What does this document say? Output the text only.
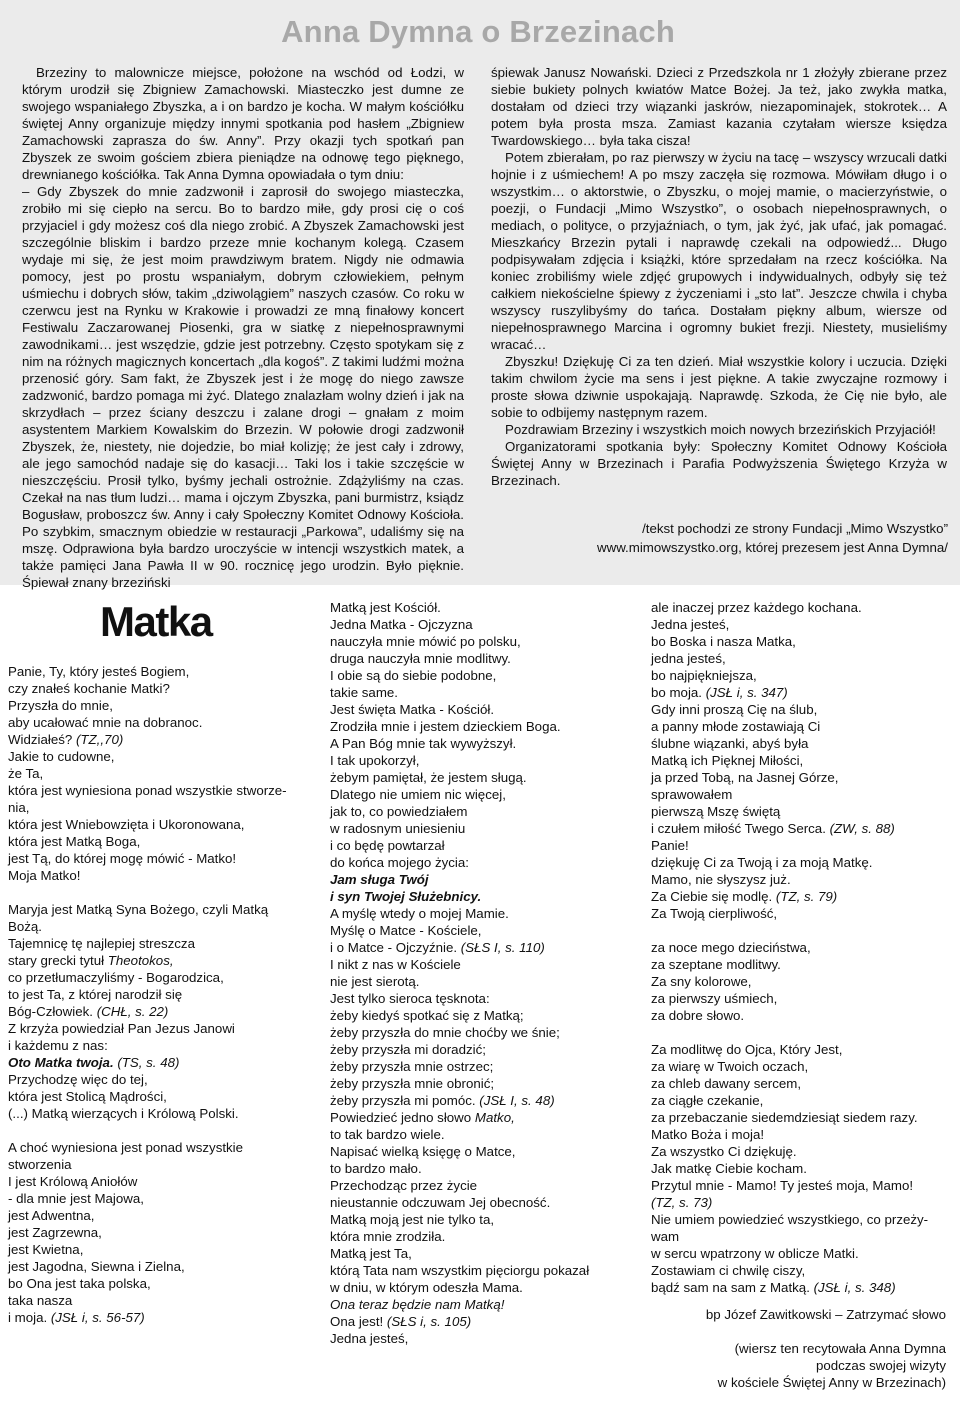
Anna Dymna o Brzezinach

Brzeziny to malownicze miejsce, położone na wschód od Łodzi, w którym urodził się Zbigniew Zamachowski. Miasteczko jest dumne ze swojego wspaniałego Zbyszka, a i on bardzo je kocha. W małym kościółku świętej Anny organizuje między innymi spotkania pod hasłem „Zbigniew Zamachowski zaprasza do św. Anny”. Przy okazji tych spotkań pan Zbyszek ze swoim gościem zbiera pieniądze na odnowę tego pięknego, drewnianego kościółka. Tak Anna Dymna opowiadała o tym dniu:

– Gdy Zbyszek do mnie zadzwonił i zaprosił do swojego miasteczka, zrobiło mi się ciepło na sercu. Bo to bardzo miłe, gdy prosi cię o coś przyjaciel i gdy możesz coś dla niego zrobić. A Zbyszek Zamachowski jest szczególnie bliskim i bardzo przeze mnie kochanym kolegą. Czasem wydaje mi się, że jest moim prawdziwym bratem. Nigdy nie odmawia pomocy, jest po prostu wspaniałym, dobrym człowiekiem, pełnym uśmiechu i dobrych słów, takim „dziwolągiem” naszych czasów. Co roku w czerwcu jest na Rynku w Krakowie i prowadzi ze mną finałowy koncert Festiwalu Zaczarowanej Piosenki, gra w siatkę z niepełnosprawnymi zawodnikami… jest wszędzie, gdzie jest potrzebny. Często spotykam się z nim na różnych magicznych koncertach „dla kogoś”. Z takimi ludźmi można przenosić góry. Sam fakt, że Zbyszek jest i że mogę do niego zawsze zadzwonić, bardzo pomaga mi żyć. Dlatego znalazłam wolny dzień i jak na skrzydłach – przez ściany deszczu i zalane drogi – gnałam z moim asystentem Markiem Kowalskim do Brzezin. W połowie drogi zadzwonił Zbyszek, że, niestety, nie dojedzie, bo miał kolizję; że jest cały i zdrowy, ale jego samochód nadaje się do kasacji… Taki los i takie szczęście w nieszczęściu. Prosił tylko, byśmy jechali ostrożnie. Zdążyliśmy na czas. Czekał na nas tłum ludzi… mama i ojczym Zbyszka, pani burmistrz, ksiądz Bogusław, proboszcz św. Anny i cały Społeczny Komitet Odnowy Kościoła. Po szybkim, smacznym obiedzie w restauracji „Parkowa”, udaliśmy się na mszę. Odprawiona była bardzo uroczyście w intencji wszystkich matek, a także pamięci Jana Pawła II w 90. rocznicę jego urodzin. Było pięknie. Śpiewał znany brzeziński

śpiewak Janusz Nowański. Dzieci z Przedszkola nr 1 złożyły zbierane przez siebie bukiety polnych kwiatów Matce Bożej. Ja też, jako zwykła matka, dostałam od dzieci trzy wiązanki jaskrów, niezapominajek, stokrotek… A potem była prosta msza. Zamiast kazania czytałam wiersze księdza Twardowskiego… była taka cisza!

Potem zbierałam, po raz pierwszy w życiu na tacę – wszyscy wrzucali datki hojnie i z uśmiechem! A po mszy zaczęła się rozmowa. Mówiłam długo i o wszystkim… o aktorstwie, o Zbyszku, o mojej mamie, o macierzyństwie, o poezji, o Fundacji „Mimo Wszystko”, o osobach niepełnosprawnych, o mediach, o polityce, o przyjaźniach, o tym, jak żyć, jak ufać, jak pomagać. Mieszkańcy Brzezin pytali i naprawdę czekali na odpowiedź... Długo podpisywałam zdjęcia i książki, które sprzedałam na rzecz kościółka. Na koniec zrobiliśmy wiele zdjęć grupowych i indywidualnych, odbyły się też całkiem niekościelne śpiewy z życzeniami i „sto lat”. Jeszcze chwila i chyba wszyscy ruszylibyśmy do tańca. Dostałam piękny album, wiersze od niepełnosprawnego Marcina i ogromny bukiet frezji. Niestety, musieliśmy wracać…

Zbyszku! Dziękuję Ci za ten dzień. Miał wszystkie kolory i uczucia. Dzięki takim chwilom życie ma sens i jest piękne. A takie zwyczajne rozmowy i proste słowa dziwnie uspokajają. Naprawdę. Szkoda, że Cię nie było, ale sobie to odbijemy następnym razem.

Pozdrawiam Brzeziny i wszystkich moich nowych brzezińskich Przyjaciół!

Organizatorami spotkania były: Społeczny Komitet Odnowy Kościoła Świętej Anny w Brzezinach i Parafia Podwyższenia Świętego Krzyża w Brzezinach.

/tekst pochodzi ze strony Fundacji „Mimo Wszystko”
www.mimowszystko.org, której prezesem jest Anna Dymna/
Matka
Panie, Ty, który jesteś Bogiem,
czy znałeś kochanie Matki?
Przyszła do mnie,
aby ucałować mnie na dobranoc.
Widziałeś? (TZ,,70)
Jakie to cudowne,
że Ta,
która jest wyniesiona ponad wszystkie stworze-
nia,
która jest Wniebowzięta i Ukoronowana,
która jest Matką Boga,
jest Tą, do której mogę mówić - Matko!
Moja Matko!
Maryja jest Matką Syna Bożego, czyli Matką
Bożą.
Tajemnicę tę najlepiej streszcza
stary grecki tytuł Theotokos,
co przetłumaczyliśmy - Bogarodzica,
to jest Ta, z której narodził się
Bóg-Człowiek. (CHŁ, s. 22)
Z krzyża powiedział Pan Jezus Janowi
i każdemu z nas:
Oto Matka twoja. (TS, s. 48)
Przychodzę więc do tej,
która jest Stolicą Mądrości,
(...) Matką wierzących i Królową Polski.
A choć wyniesiona jest ponad wszystkie
stworzenia
I jest Królową Aniołów
- dla mnie jest Majowa,
jest Adwentna,
jest Zagrzewna,
jest Kwietna,
jest Jagodna, Siewna i Zielna,
bo Ona jest taka polska,
taka nasza
i moja. (JSŁ i, s. 56-57)
Matką jest Kościół.
Jedna Matka - Ojczyzna
nauczyła mnie mówić po polsku,
druga nauczyła mnie modlitwy.
I obie są do siebie podobne,
takie same.
Jest święta Matka - Kościół.
Zrodziła mnie i jestem dzieckiem Boga.
A Pan Bóg mnie tak wywyższył.
I tak upokorzył,
żebym pamiętał, że jestem sługą.
Dlatego nie umiem nic więcej,
jak to, co powiedziałem
w radosnym uniesieniu
i co będę powtarzał
do końca mojego życia:
Jam sługa Twój
i syn Twojej Służebnicy.
A myślę wtedy o mojej Mamie.
Myślę o Matce - Kościele,
i o Matce - Ojczyźnie. (SŁS I, s. 110)
I nikt z nas w Kościele
nie jest sierotą.
Jest tylko sieroca tęsknota:
żeby kiedyś spotkać się z Matką;
żeby przyszła do mnie choćby we śnie;
żeby przyszła mi doradzić;
żeby przyszła mnie ostrzec;
żeby przyszła mnie obronić;
żeby przyszła mi pomóc. (JSŁ I, s. 48)
Powiedzieć jedno słowo Matko,
to tak bardzo wiele.
Napisać wielką księgę o Matce,
to bardzo mało.
Przechodząc przez życie
nieustannie odczuwam Jej obecność.
Matką moją jest nie tylko ta,
która mnie zrodziła.
Matką jest Ta,
którą Tata nam wszystkim pięciorgu pokazał
w dniu, w którym odeszła Mama.
Ona teraz będzie nam Matką!
Ona jest! (SŁS i, s. 105)
Jedna jesteś,
ale inaczej przez każdego kochana.
Jedna jesteś,
bo Boska i nasza Matka,
jedna jesteś,
bo najpiękniejsza,
bo moja. (JSŁ i, s. 347)
Gdy inni proszą Cię na ślub,
a panny młode zostawiają Ci
ślubne wiązanki, abyś była
Matką ich Pięknej Miłości,
ja przed Tobą, na Jasnej Górze,
sprawowałem
pierwszą Mszę świętą
i czułem miłość Twego Serca. (ZW, s. 88)
Panie!
dziękuję Ci za Twoją i za moją Matkę.
Mamo, nie słyszysz już.
Za Ciebie się modlę. (TZ, s. 79)
Za Twoją cierpliwość,
za noce mego dzieciństwa,
za szeptane modlitwy.
Za sny kolorowe,
za pierwszy uśmiech,
za dobre słowo.
Za modlitwę do Ojca, Który Jest,
za wiarę w Twoich oczach,
za chleb dawany sercem,
za ciągłe czekanie,
za przebaczanie siedemdziesiąt siedem razy.
Matko Boża i moja!
Za wszystko Ci dziękuję.
Jak matkę Ciebie kocham.
Przytul mnie - Mamo! Ty jesteś moja, Mamo!
(TZ, s. 73)
Nie umiem powiedzieć wszystkiego, co przeży-
wam
w sercu wpatrzony w oblicze Matki.
Zostawiam ci chwilę ciszy,
bądź sam na sam z Matką. (JSŁ i, s. 348)
bp Józef Zawitkowski – Zatrzymać słowo
(wiersz ten recytowała Anna Dymna
podczas swojej wizyty
w kościele Świętej Anny w Brzezinach)
